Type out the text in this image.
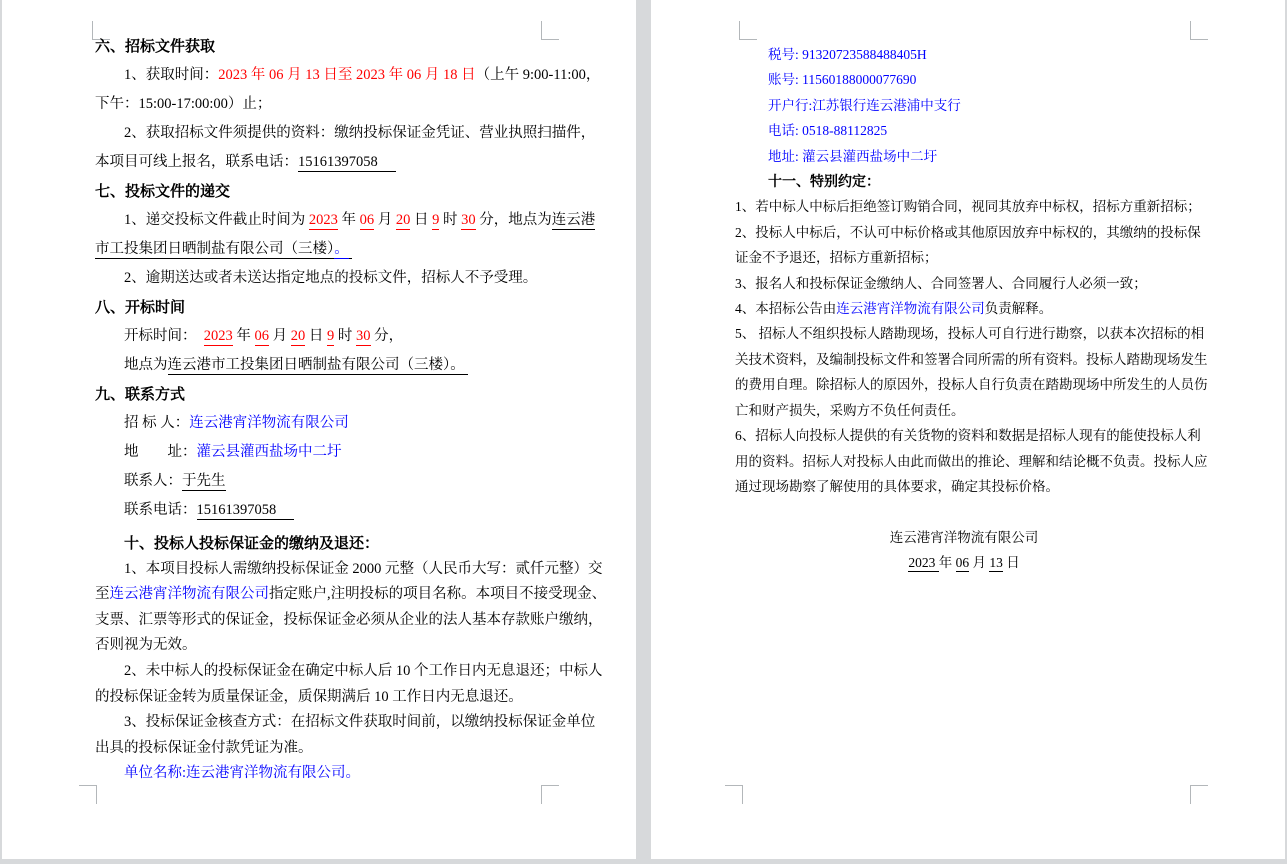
六、招标文件获取
1、获取时间：2023 年 06 月 13 日至 2023 年 06 月 18 日（上午 9:00-11:00，
下午：15:00-17:00:00）止；
2、获取招标文件须提供的资料：缴纳投标保证金凭证、营业执照扫描件，
本项目可线上报名，联系电话：15161397058　
七、投标文件的递交
1、递交投标文件截止时间为 2023 年 06 月 20 日 9 时 30 分，地点为连云港
市工投集团日晒制盐有限公司（三楼）。
2、逾期送达或者未送达指定地点的投标文件，招标人不予受理。
八、开标时间
开标时间：  2023 年 06 月 20 日 9 时 30 分，
地点为连云港市工投集团日晒制盐有限公司（三楼）。
九、联系方式
招 标 人：连云港宵洋物流有限公司
地　　址：灌云县灌西盐场中二圩
联系人：于先生
联系电话：15161397058　
十、投标人投标保证金的缴纳及退还：
1、本项目投标人需缴纳投标保证金 2000 元整（人民币大写：贰仟元整）交
至连云港宵洋物流有限公司指定账户,注明投标的项目名称。本项目不接受现金、
支票、汇票等形式的保证金，投标保证金必须从企业的法人基本存款账户缴纳，
否则视为无效。
2、未中标人的投标保证金在确定中标人后 10 个工作日内无息退还；中标人
的投标保证金转为质量保证金，质保期满后 10 工作日内无息退还。
3、投标保证金核查方式：在招标文件获取时间前，以缴纳投标保证金单位
出具的投标保证金付款凭证为准。
单位名称:连云港宵洋物流有限公司。
税号: 91320723588488405H
账号: 11560188000077690
开户行:江苏银行连云港浦中支行
电话: 0518-88112825
地址: 灌云县灌西盐场中二圩
十一、特别约定：
1、若中标人中标后拒绝签订购销合同，视同其放弃中标权，招标方重新招标；
2、投标人中标后，不认可中标价格或其他原因放弃中标权的，其缴纳的投标保
证金不予退还，招标方重新招标；
3、报名人和投标保证金缴纳人、合同签署人、合同履行人必须一致；
4、本招标公告由连云港宵洋物流有限公司负责解释。
5、 招标人不组织投标人踏勘现场，投标人可自行进行勘察，以获本次招标的相
关技术资料，及编制投标文件和签署合同所需的所有资料。投标人踏勘现场发生
的费用自理。除招标人的原因外，投标人自行负责在踏勘现场中所发生的人员伤
亡和财产损失，采购方不负任何责任。
6、招标人向投标人提供的有关货物的资料和数据是招标人现有的能使投标人利
用的资料。招标人对投标人由此而做出的推论、理解和结论概不负责。投标人应
通过现场勘察了解使用的具体要求，确定其投标价格。

连云港宵洋物流有限公司
2023 年 06 月 13 日
